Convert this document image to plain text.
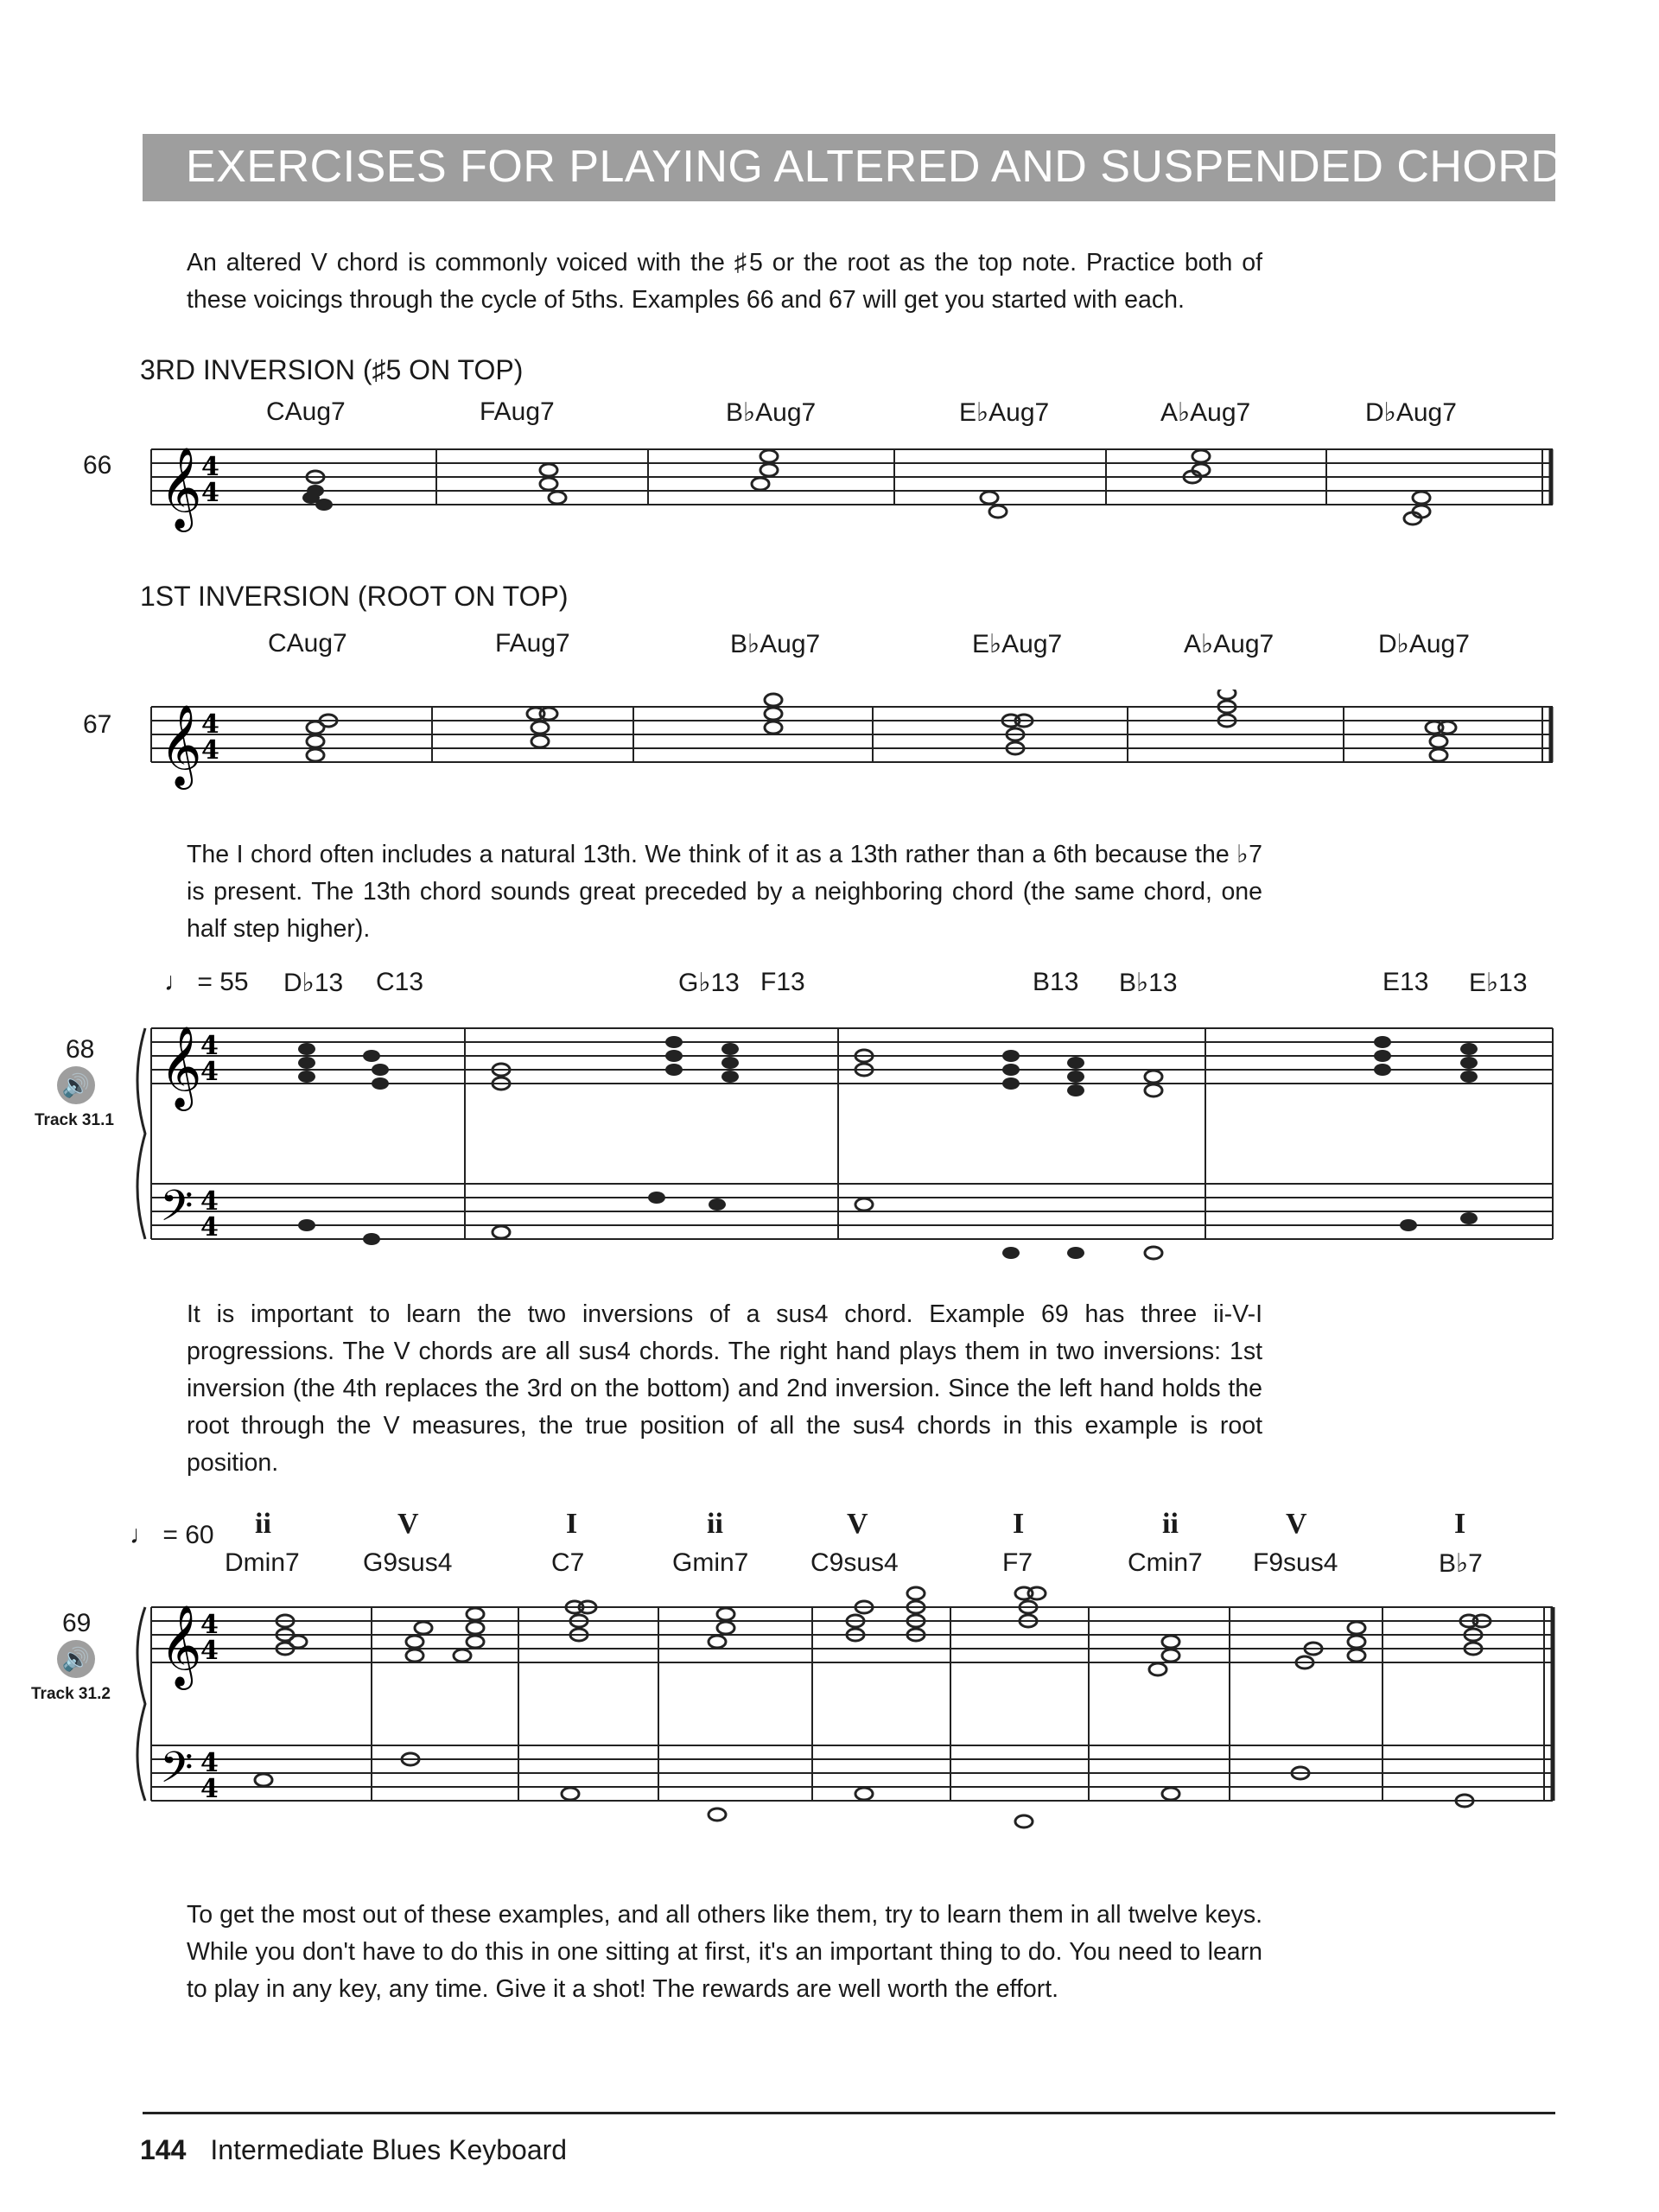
EXERCISES FOR PLAYING ALTERED AND SUSPENDED CHORDS

An altered V chord is commonly voiced with the ♯5 or the root as the top note. Practice both of these voicings through the cycle of 5ths. Examples 66 and 67 will get you started with each.

3RD INVERSION (♯5 ON TOP)
66
CAug7	FAug7	B♭Aug7	E♭Aug7	A♭Aug7	D♭Aug7
𝄞 4
4
1ST INVERSION (ROOT ON TOP)
67
CAug7	FAug7	B♭Aug7	E♭Aug7	A♭Aug7	D♭Aug7
𝄞 4
4

The I chord often includes a natural 13th. We think of it as a 13th rather than a 6th because the ♭7 is present. The 13th chord sounds great preceded by a neighboring chord (the same chord, one half step higher).

♩ = 55 D♭13 C13	G♭13 F13	B13 B♭13	E13 E♭13
68
🔊
Track 31.1
𝄞
𝄢
4
4
4
4

It is important to learn the two inversions of a sus4 chord. Example 69 has three ii-V-I progressions. The V chords are all sus4 chords. The right hand plays them in two inversions: 1st inversion (the 4th replaces the 3rd on the bottom) and 2nd inversion. Since the left hand holds the root through the V measures, the true position of all the sus4 chords in this example is root position.

♩ = 60 ii	V	I	ii	V	I	ii	V	I
Dmin7 G9sus4	C7	Gmin7 C9sus4	F7	Cmin7 F9sus4	B♭7
69
🔊
Track 31.2
𝄞
𝄢
4
4
4
4

To get the most out of these examples, and all others like them, try to learn them in all twelve keys. While you don't have to do this in one sitting at first, it's an important thing to do. You need to learn to play in any key, any time. Give it a shot! The rewards are well worth the effort.

144 Intermediate Blues Keyboard
